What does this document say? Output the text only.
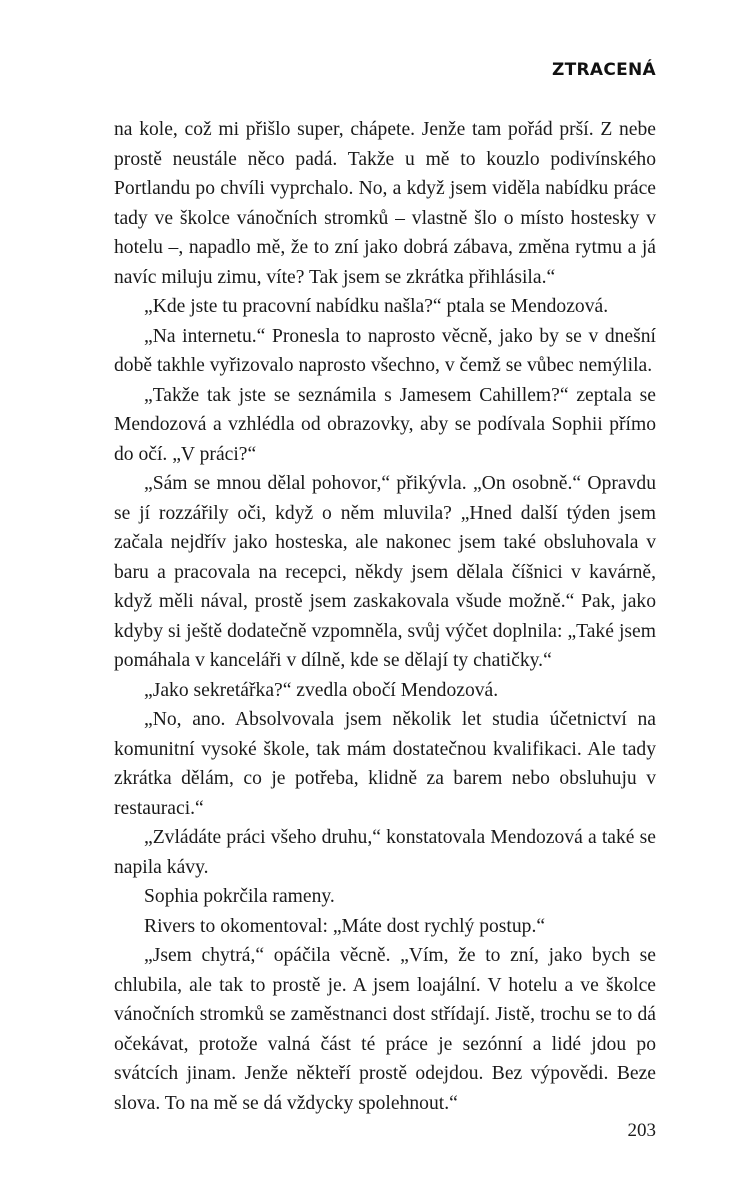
ZTRACENÁ

na kole, což mi přišlo super, chápete. Jenže tam pořád prší. Z nebe prostě neustále něco padá. Takže u mě to kouzlo podivínského Portlandu po chvíli vyprchalo. No, a když jsem viděla nabídku práce tady ve školce vánočních stromků – vlastně šlo o místo hostesky v hotelu –, napadlo mě, že to zní jako dobrá zábava, změna rytmu a já navíc miluju zimu, víte? Tak jsem se zkrátka přihlásila.“

„Kde jste tu pracovní nabídku našla?“ ptala se Mendozová.

„Na internetu.“ Pronesla to naprosto věcně, jako by se v dnešní době takhle vyřizovalo naprosto všechno, v čemž se vůbec nemýlila.

„Takže tak jste se seznámila s Jamesem Cahillem?“ zeptala se Mendozová a vzhlédla od obrazovky, aby se podívala Sophii přímo do očí. „V práci?“

„Sám se mnou dělal pohovor,“ přikývla. „On osobně.“ Opravdu se jí rozzářily oči, když o něm mluvila? „Hned další týden jsem začala nejdřív jako hosteska, ale nakonec jsem také obsluhovala v baru a pracovala na recepci, někdy jsem dělala číšnici v kavárně, když měli nával, prostě jsem zaskakovala všude možně.“ Pak, jako kdyby si ještě dodatečně vzpomněla, svůj výčet doplnila: „Také jsem pomáhala v kanceláři v dílně, kde se dělají ty chatičky.“

„Jako sekretářka?“ zvedla obočí Mendozová.

„No, ano. Absolvovala jsem několik let studia účetnictví na komunitní vysoké škole, tak mám dostatečnou kvalifikaci. Ale tady zkrátka dělám, co je potřeba, klidně za barem nebo obsluhuju v restauraci.“

„Zvládáte práci všeho druhu,“ konstatovala Mendozová a také se napila kávy.

Sophia pokrčila rameny.

Rivers to okomentoval: „Máte dost rychlý postup.“

„Jsem chytrá,“ opáčila věcně. „Vím, že to zní, jako bych se chlubila, ale tak to prostě je. A jsem loajální. V hotelu a ve školce vánočních stromků se zaměstnanci dost střídají. Jistě, trochu se to dá očekávat, protože valná část té práce je sezónní a lidé jdou po svátcích jinam. Jenže někteří prostě odejdou. Bez výpovědi. Beze slova. To na mě se dá vždycky spolehnout.“

203
